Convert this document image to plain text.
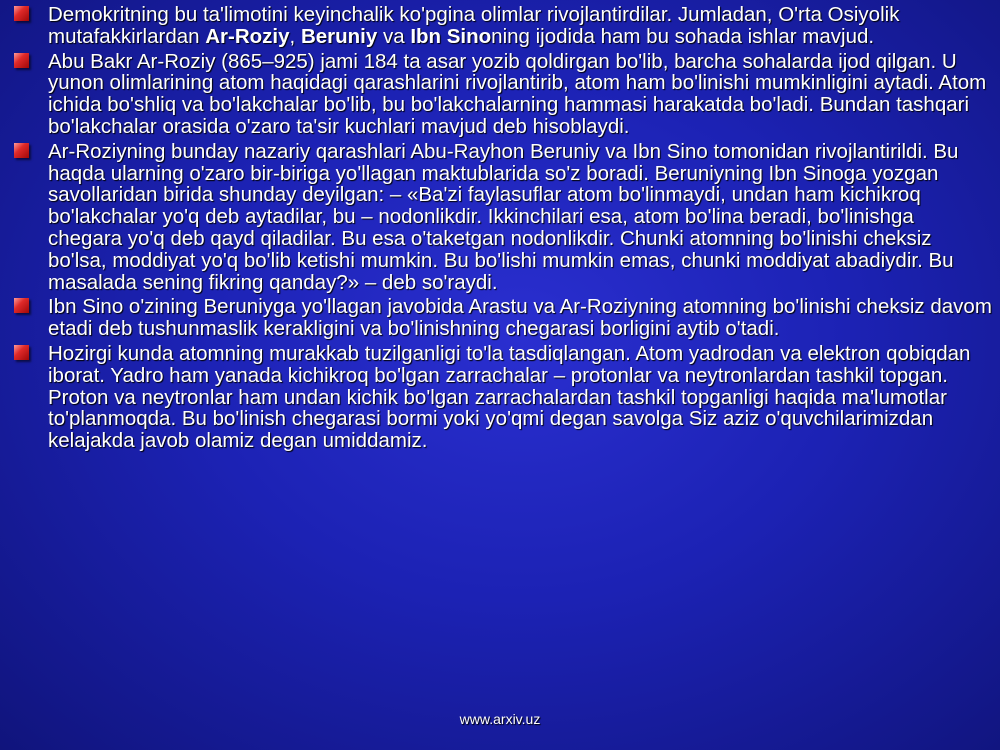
Demokritning bu ta'limotini keyinchalik ko'pgina olimlar rivojlantirdilar. Jumladan, O'rta Osiyolik mutafakkirlardan Ar-Roziy, Beruniy va Ibn Sinoning ijodida ham bu sohada ishlar mavjud.
Abu Bakr Ar-Roziy (865–925) jami 184 ta asar yozib qoldirgan bo'lib, barcha sohalarda ijod qilgan. U yunon olimlarining atom haqidagi qarashlarini rivojlantirib, atom ham bo'linishi mumkinligini aytadi. Atom ichida bo'shliq va bo'lakchalar bo'lib, bu bo'lakchalarning hammasi harakatda bo'ladi. Bundan tashqari bo'lakchalar orasida o'zaro ta'sir kuchlari mavjud deb hisoblaydi.
Ar-Roziyning bunday nazariy qarashlari Abu-Rayhon Beruniy va Ibn Sino tomonidan rivojlantirildi. Bu haqda ularning o'zaro bir-biriga yo'llagan maktublarida so'z boradi. Beruniyning Ibn Sinoga yozgan savollaridan birida shunday deyilgan: – «Ba'zi faylasuflar atom bo'linmaydi, undan ham kichikroq bo'lakchalar yo'q deb aytadilar, bu – nodonlikdir. Ikkinchilari esa, atom bo'lina beradi, bo'linishga chegara yo'q deb qayd qiladilar. Bu esa o'taketgan nodonlikdir. Chunki atomning bo'linishi cheksiz bo'lsa, moddiyat yo'q bo'lib ketishi mumkin. Bu bo'lishi mumkin emas, chunki moddiyat abadiydir. Bu masalada sening fikring qanday?» – deb so'raydi.
Ibn Sino o'zining Beruniyga yo'llagan javobida Arastu va Ar-Roziyning atomning bo'linishi cheksiz davom etadi deb tushunmaslik kerakligini va bo'linishning chegarasi borligini aytib o'tadi.
Hozirgi kunda atomning murakkab tuzilganligi to'la tasdiqlangan. Atom yadrodan va elektron qobiqdan iborat. Yadro ham yanada kichikroq bo'lgan zarrachalar – protonlar va neytronlardan tashkil topgan. Proton va neytronlar ham undan kichik bo'lgan zarrachalardan tashkil topganligi haqida ma'lumotlar to'planmoqda. Bu bo'linish chegarasi bormi yoki yo'qmi degan savolga Siz aziz o'quvchilarimizdan kelajakda javob olamiz degan umiddamiz.
www.arxiv.uz
